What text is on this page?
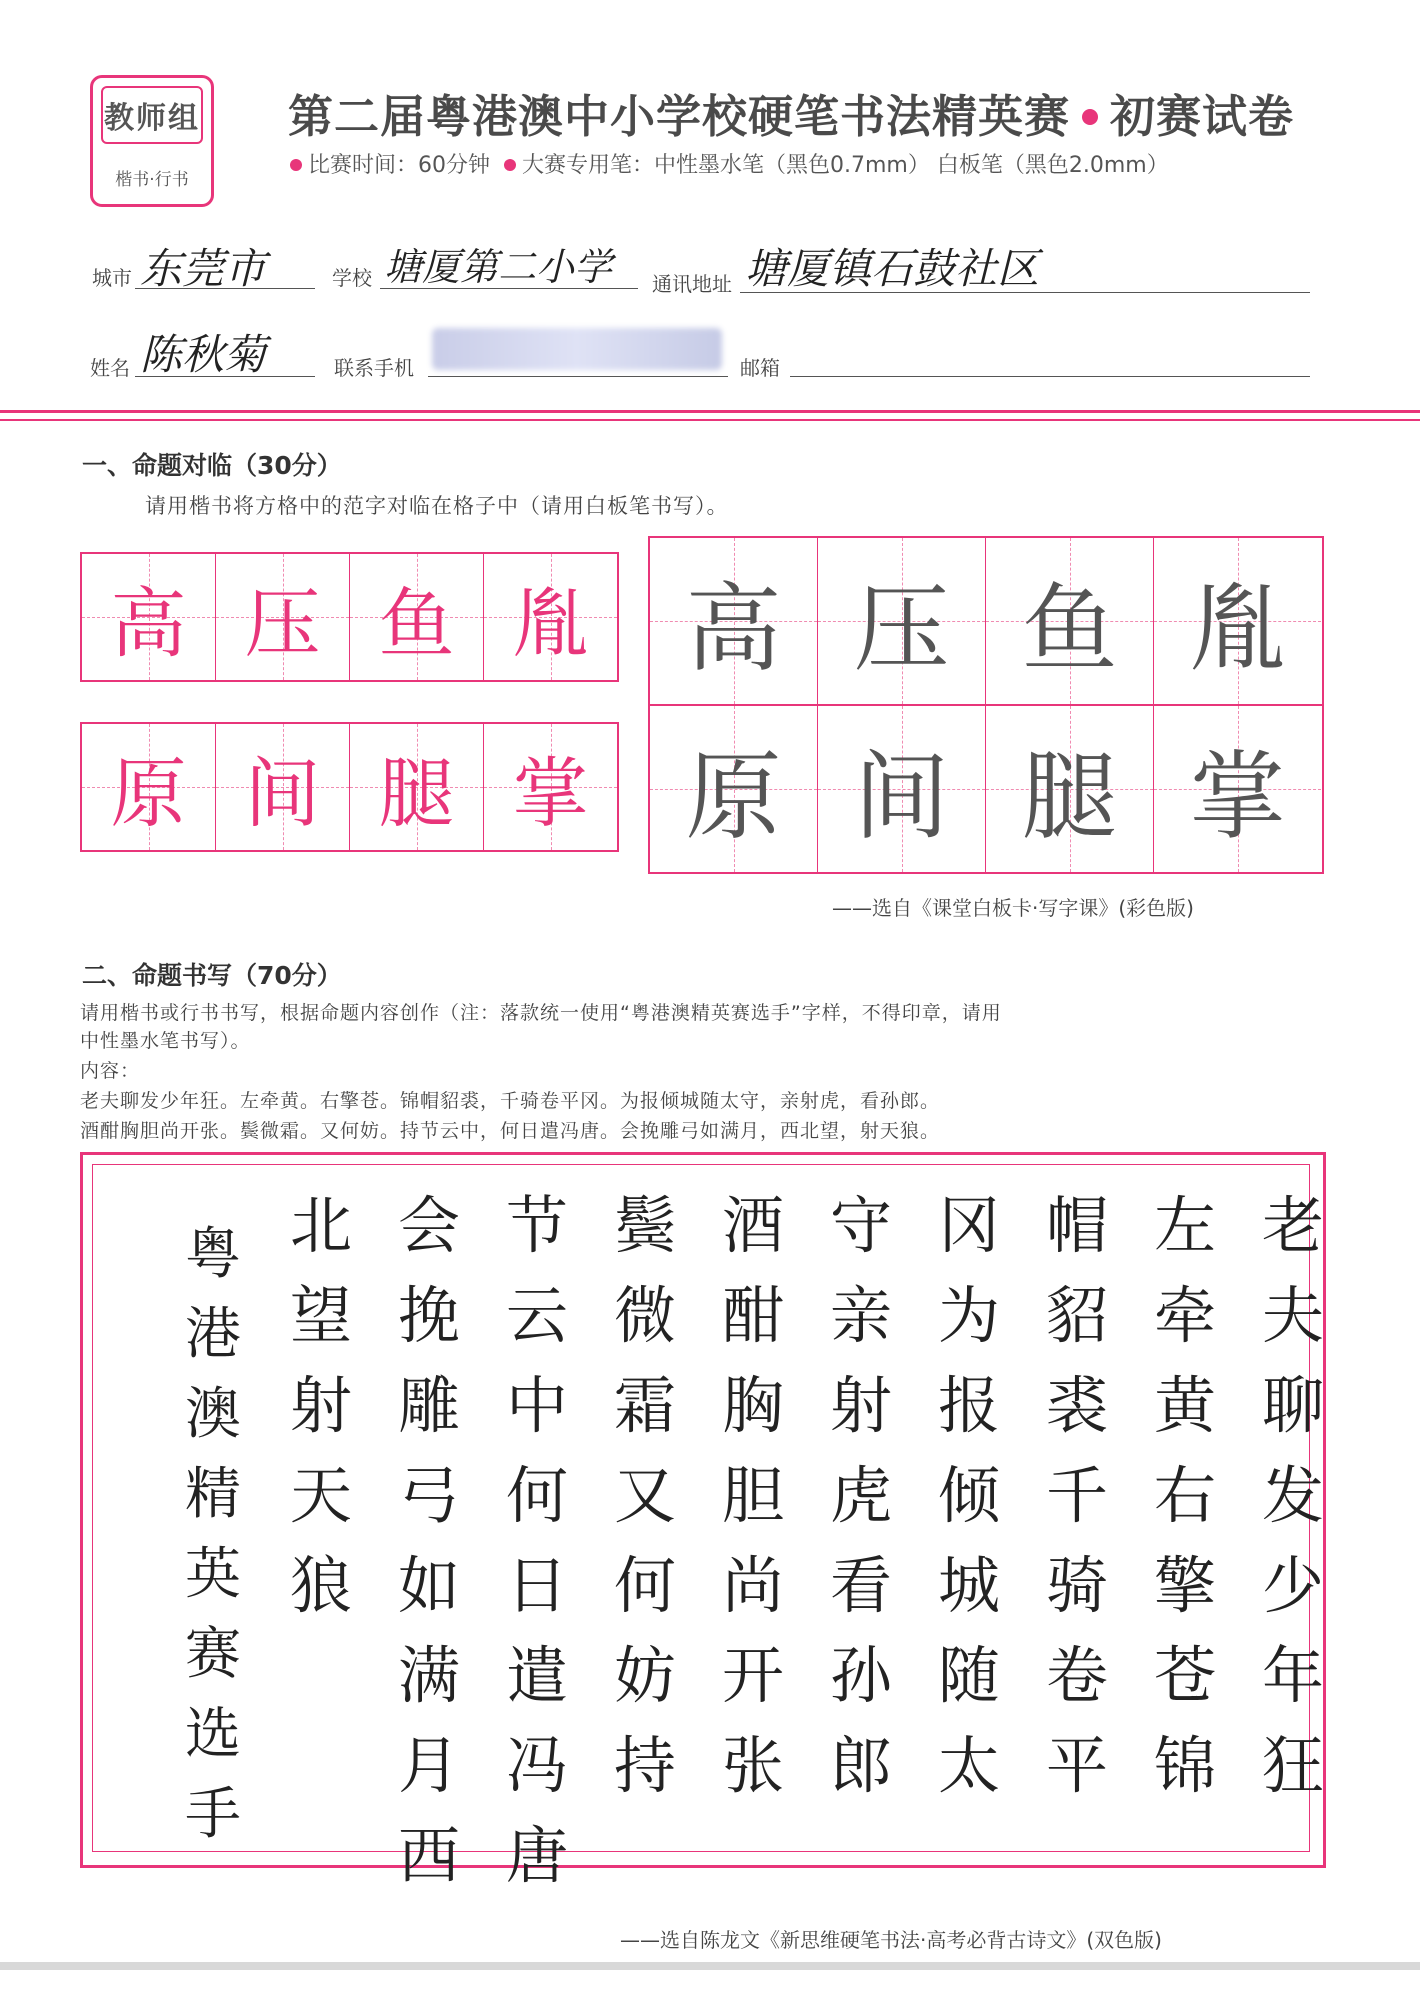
教师组
楷书·行书
第二届粤港澳中小学校硬笔书法精英赛 初赛试卷
比赛时间：60分钟 大赛专用笔：中性墨水笔（黑色0.7mm） 白板笔（黑色2.0mm）
城市 东莞市	学校 塘厦第二小学 通讯地址 塘厦镇石鼓社区
姓名 陈秋菊	联系手机	邮箱
一、命题对临（30分）
请用楷书将方格中的范字对临在格子中（请用白板笔书写）。
高 压 鱼 胤
原 间 腿 掌
高 压 鱼 胤
原 间 腿 掌
——选自《课堂白板卡·写字课》(彩色版)
二、命题书写（70分）
请用楷书或行书书写，根据命题内容创作（注：落款统一使用“粤港澳精英赛选手”字样，不得印章，请用
中性墨水笔书写）。
内容：
老夫聊发少年狂。左牵黄。右擎苍。锦帽貂裘，千骑卷平冈。为报倾城随太守，亲射虎，看孙郎。
酒酣胸胆尚开张。鬓微霜。又何妨。持节云中，何日遣冯唐。会挽雕弓如满月，西北望，射天狼。
老
夫
聊
发
少
年
狂
左
牵
黄
右
擎
苍
锦
帽
貂
裘
千
骑
卷
平
冈
为
报
倾
城
随
太
守
亲
射
虎
看
孙
郎
酒
酣
胸
胆
尚
开
张
鬓
微
霜
又
何
妨
持
节
云
中
何
日
遣
冯
唐
会
挽
雕
弓
如
满
月
西
北
望
射
天
狼
粤
港
澳
精
英
赛
选
手
——选自陈龙文《新思维硬笔书法·高考必背古诗文》(双色版)
